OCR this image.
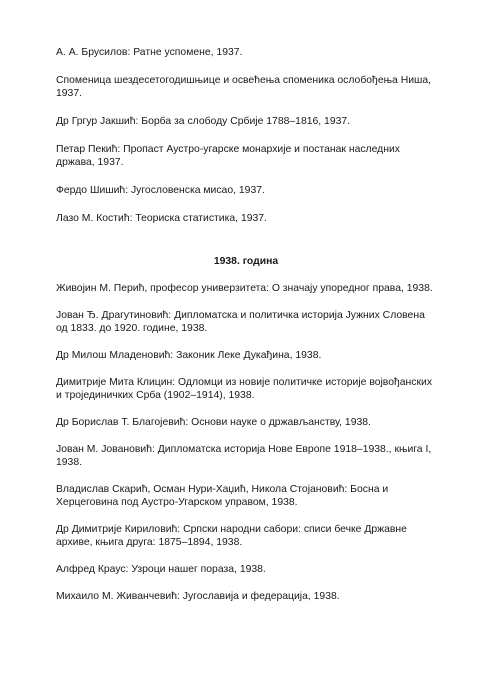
А. А. Брусилов: Ратне успомене, 1937.

Споменица шездесетогодишњице и освећења споменика ослобођења Ниша, 1937.

Др Гргур Јакшић: Борба за слободу Србије 1788–1816, 1937.

Петар Пекић: Пропаст Аустро-угарске монархије и постанак наследних држава, 1937.

Фердо Шишић: Југословенска мисао, 1937.

Лазо М. Костић: Теориска статистика, 1937.

1938. година

Живојин М. Перић, професор универзитета: О значају упоредног права, 1938.

Јован Ђ. Драгутиновић: Дипломатска и политичка историја Јужних Словена од 1833. до 1920. године, 1938.

Др Милош Младеновић: Законик Леке Дукађина, 1938.

Димитрије Мита Клицин: Одломци из новије политичке историје војвођанских и тројединичких Срба (1902–1914), 1938.

Др Борислав Т. Благојевић: Основи науке о држављанству, 1938.

Јован М. Јовановић: Дипломатска историја Нове Европе 1918–1938., књига I, 1938.

Владислав Скарић, Осман Нури-Хаџић, Никола Стојановић: Босна и Херцеговина под Аустро-Угарском управом, 1938.

Др Димитрије Кириловић: Српски народни сабори: списи бечке Државне архиве, књига друга: 1875–1894, 1938.

Алфред Краус: Узроци нашег пораза, 1938.

Михаило М. Живанчевић: Југославија и федерација, 1938.
